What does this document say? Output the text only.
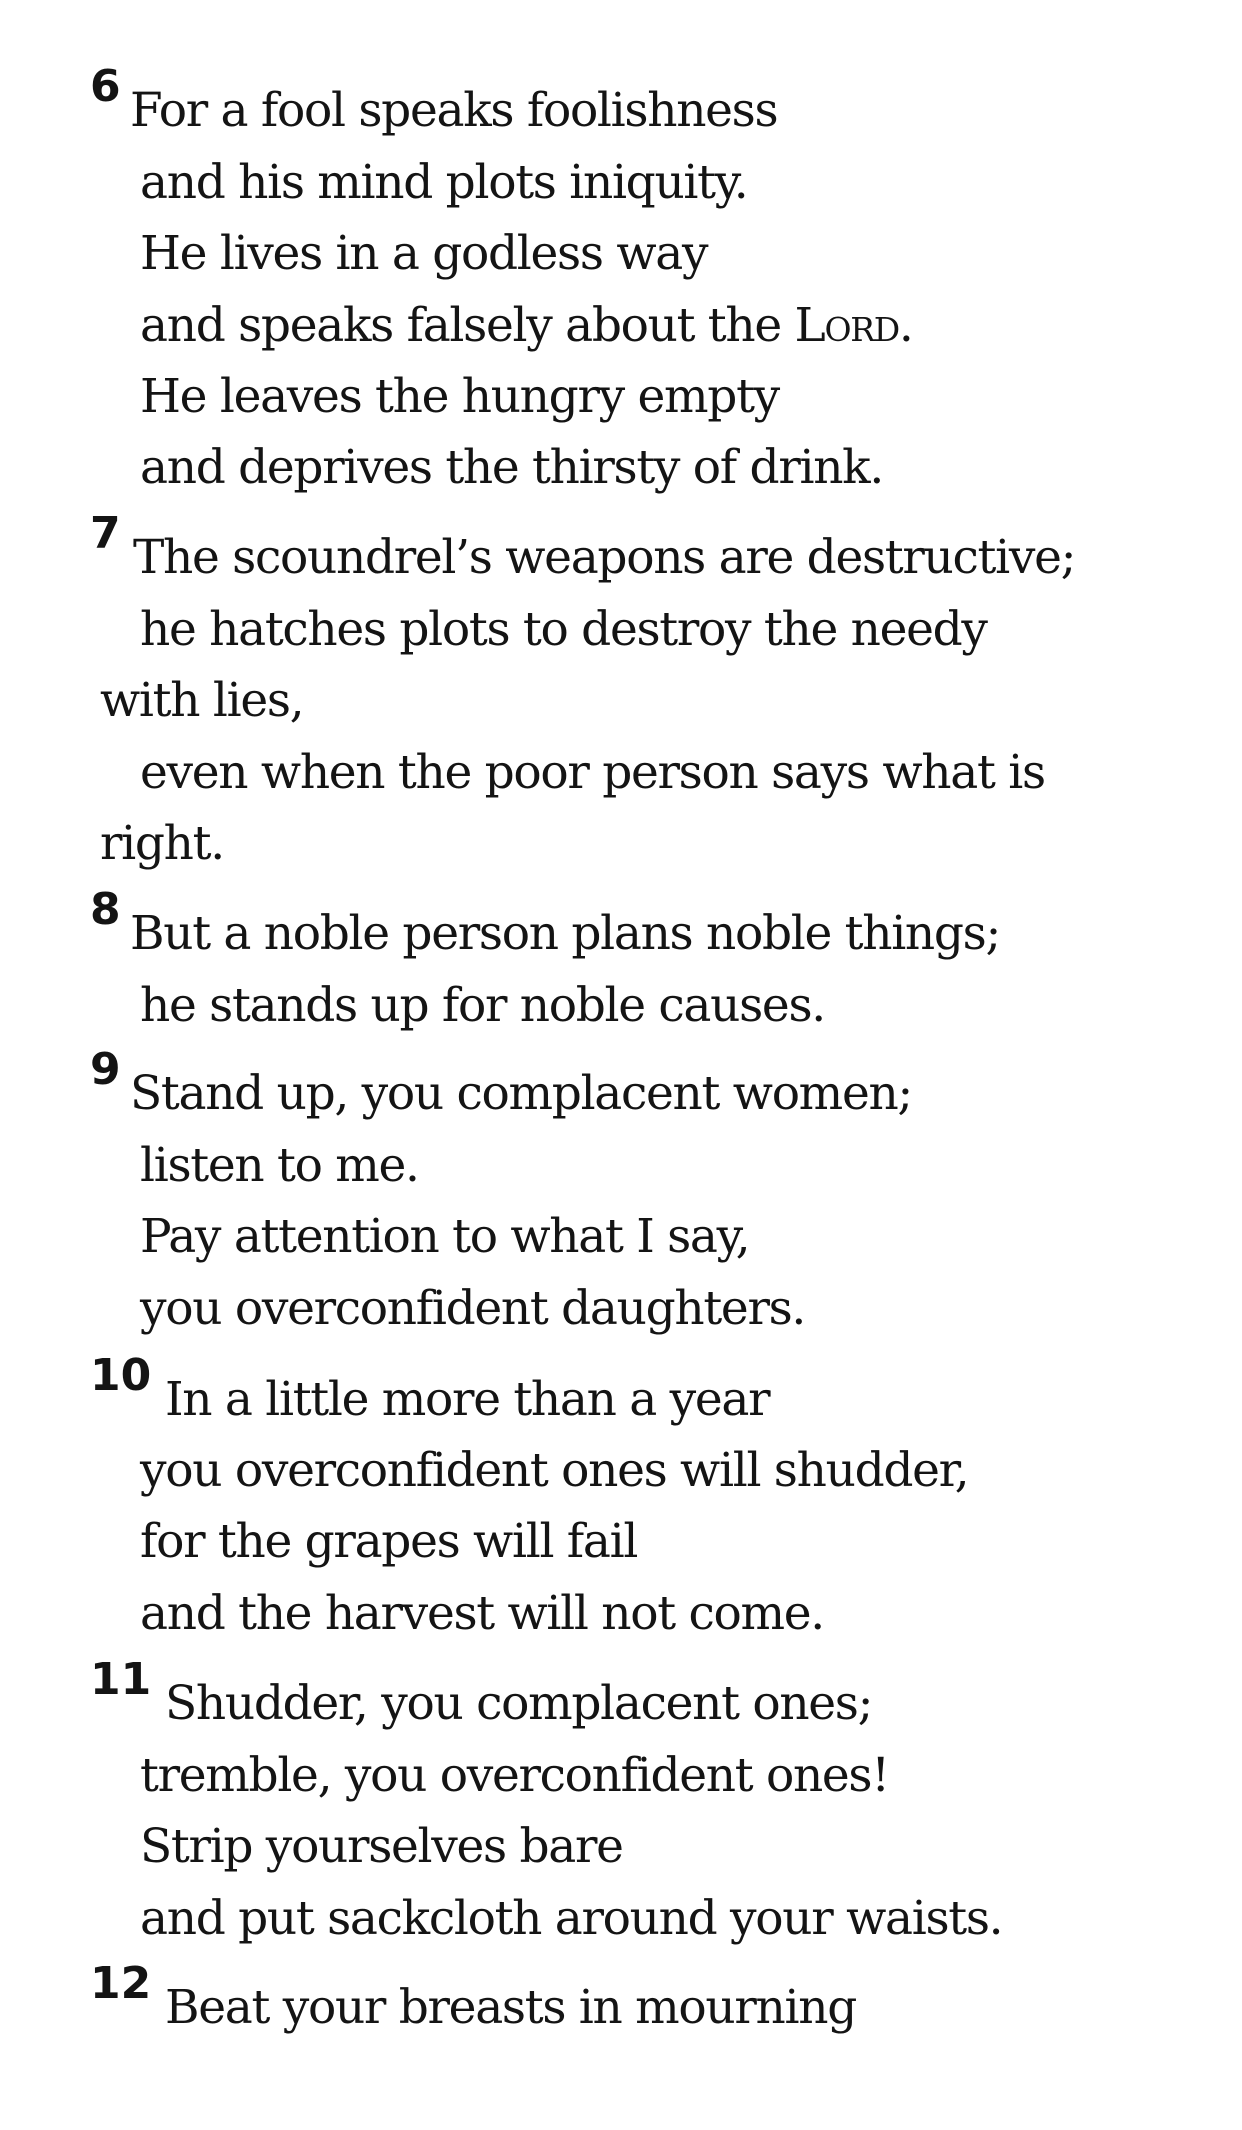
6 For a fool speaks foolishness
and his mind plots iniquity.
He lives in a godless way
and speaks falsely about the Lord.
He leaves the hungry empty
and deprives the thirsty of drink.
7 The scoundrel’s weapons are destructive;
he hatches plots to destroy the needy
with lies,
even when the poor person says what is
right.
8 But a noble person plans noble things;
he stands up for noble causes.
9 Stand up, you complacent women;
listen to me.
Pay attention to what I say,
you overconfident daughters.
10 In a little more than a year
you overconfident ones will shudder,
for the grapes will fail
and the harvest will not come.
11 Shudder, you complacent ones;
tremble, you overconfident ones!
Strip yourselves bare
and put sackcloth around your waists.
12 Beat your breasts in mourning
